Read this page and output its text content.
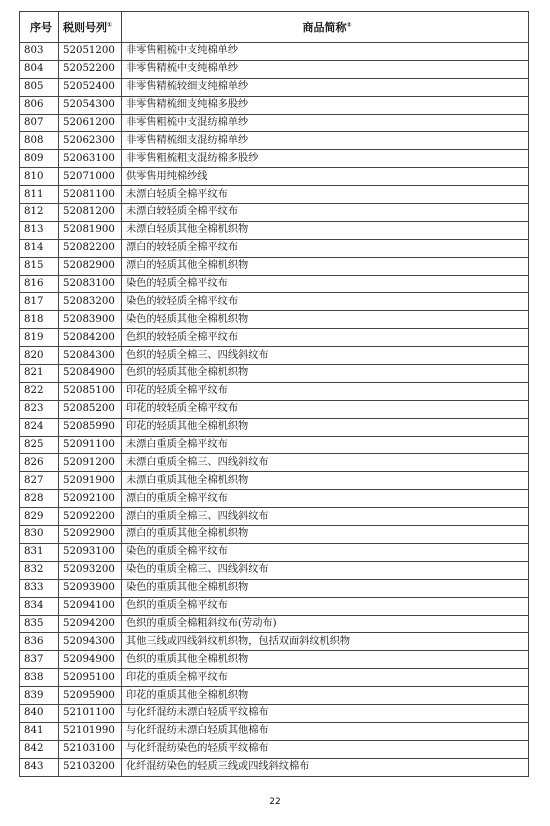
序号	税则号列①	商品简称②
803	52051200	非零售粗梳中支纯棉单纱
804	52052200	非零售精梳中支纯棉单纱
805	52052400	非零售精梳较细支纯棉单纱
806	52054300	非零售精梳细支纯棉多股纱
807	52061200	非零售粗梳中支混纺棉单纱
808	52062300	非零售精梳细支混纺棉单纱
809	52063100	非零售粗梳粗支混纺棉多股纱
810	52071000	供零售用纯棉纱线
811	52081100	未漂白轻质全棉平纹布
812	52081200	未漂白较轻质全棉平纹布
813	52081900	未漂白轻质其他全棉机织物
814	52082200	漂白的较轻质全棉平纹布
815	52082900	漂白的轻质其他全棉机织物
816	52083100	染色的轻质全棉平纹布
817	52083200	染色的较轻质全棉平纹布
818	52083900	染色的轻质其他全棉机织物
819	52084200	色织的较轻质全棉平纹布
820	52084300	色织的轻质全棉三、四线斜纹布
821	52084900	色织的轻质其他全棉机织物
822	52085100	印花的轻质全棉平纹布
823	52085200	印花的较轻质全棉平纹布
824	52085990	印花的轻质其他全棉机织物
825	52091100	未漂白重质全棉平纹布
826	52091200	未漂白重质全棉三、四线斜纹布
827	52091900	未漂白重质其他全棉机织物
828	52092100	漂白的重质全棉平纹布
829	52092200	漂白的重质全棉三、四线斜纹布
830	52092900	漂白的重质其他全棉机织物
831	52093100	染色的重质全棉平纹布
832	52093200	染色的重质全棉三、四线斜纹布
833	52093900	染色的重质其他全棉机织物
834	52094100	色织的重质全棉平纹布
835	52094200	色织的重质全棉粗斜纹布(劳动布)
836	52094300	其他三线或四线斜纹机织物，包括双面斜纹机织物
837	52094900	色织的重质其他全棉机织物
838	52095100	印花的重质全棉平纹布
839	52095900	印花的重质其他全棉机织物
840	52101100	与化纤混纺未漂白轻质平纹棉布
841	52101990	与化纤混纺未漂白轻质其他棉布
842	52103100	与化纤混纺染色的轻质平纹棉布
843	52103200	化纤混纺染色的轻质三线或四线斜纹棉布
22
